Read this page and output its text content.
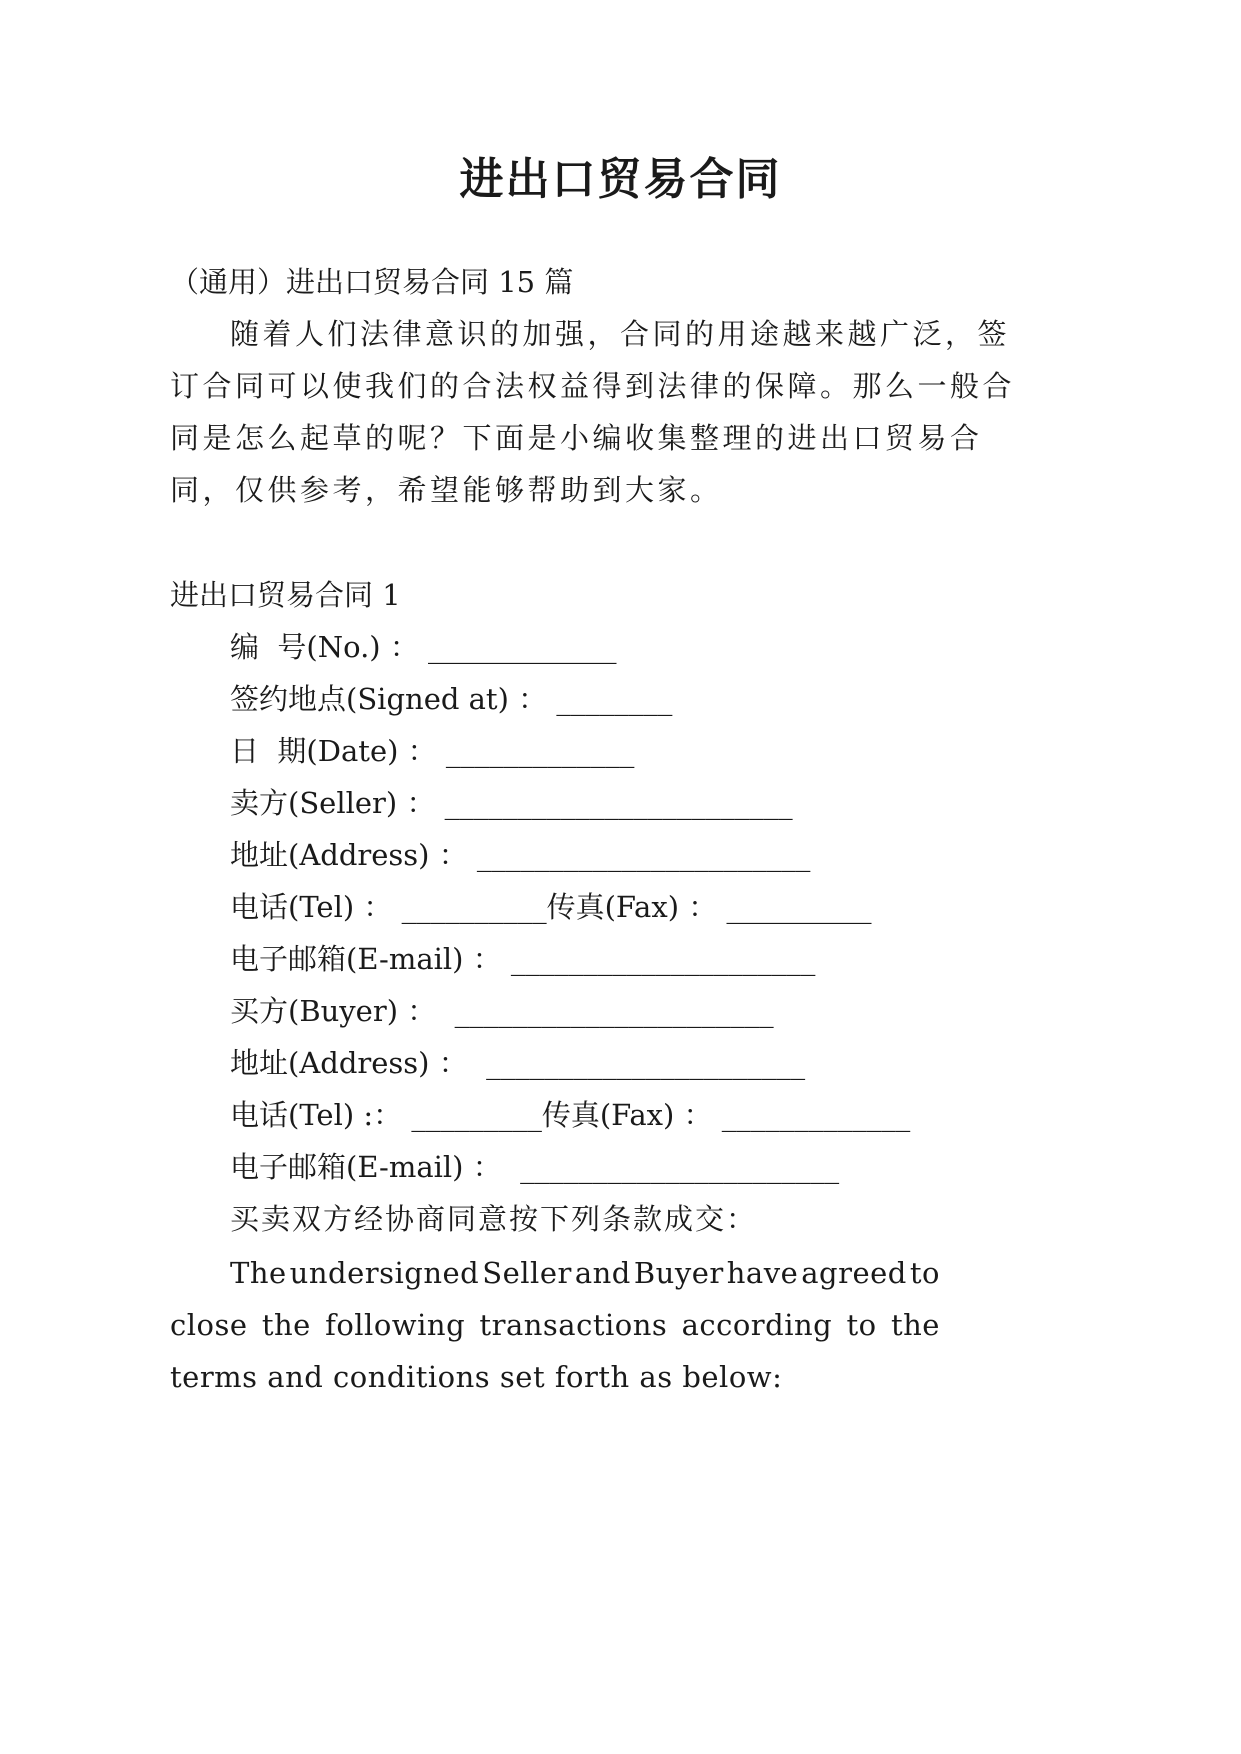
进出口贸易合同
（通用）进出口贸易合同 15 篇
随着人们法律意识的加强，合同的用途越来越广泛，签
订合同可以使我们的合法权益得到法律的保障。那么一般合
同是怎么起草的呢？下面是小编收集整理的进出口贸易合
同，仅供参考，希望能够帮助到大家。
进出口贸易合同 1
编  号(No.) ： _____________
签约地点(Signed at) ： ________
日  期(Date) ： _____________
卖方(Seller) ： ________________________
地址(Address) ： _______________________
电话(Tel) ： __________传真(Fax) ： __________
电子邮箱(E-mail) ： _____________________
买方(Buyer) ：  ______________________
地址(Address) ：  ______________________
电话(Tel) :： _________传真(Fax) ： _____________
电子邮箱(E-mail) ：  ______________________
买卖双方经协商同意按下列条款成交：
The undersigned Seller and Buyer have agreed to
close the following transactions according to the
terms and conditions set forth as below:
